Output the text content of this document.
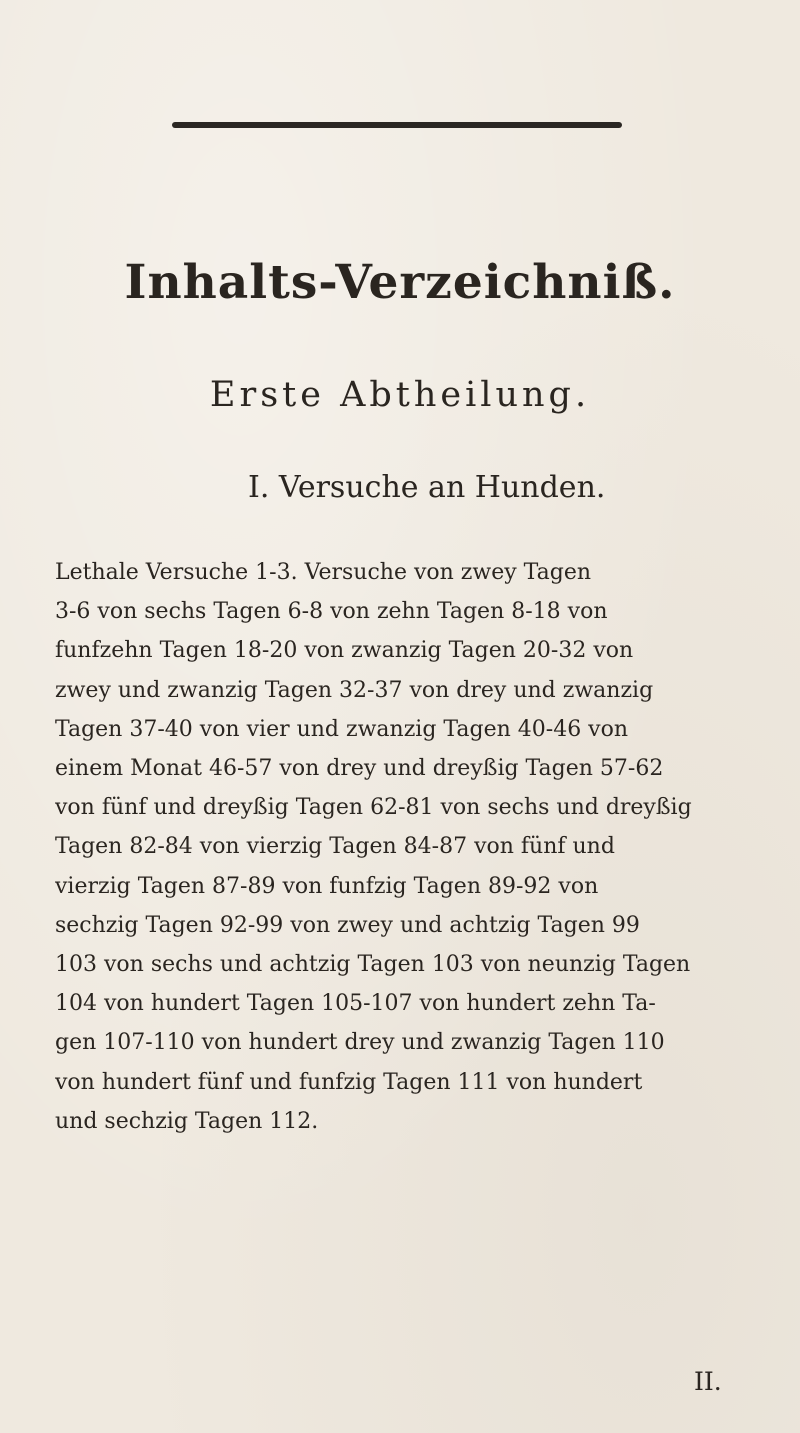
Inhalts-Verzeichniß.
Erste Abtheilung.
I. Versuche an Hunden.
Lethale Versuche 1-3. Versuche von zwey Tagen
3-6 von sechs Tagen 6-8 von zehn Tagen 8-18 von
funfzehn Tagen 18-20 von zwanzig Tagen 20-32 von
zwey und zwanzig Tagen 32-37 von drey und zwanzig
Tagen 37-40 von vier und zwanzig Tagen 40-46 von
einem Monat 46-57 von drey und dreyßig Tagen 57-62
von fünf und dreyßig Tagen 62-81 von sechs und dreyßig
Tagen 82-84 von vierzig Tagen 84-87 von fünf und
vierzig Tagen 87-89 von funfzig Tagen 89-92 von
sechzig Tagen 92-99 von zwey und achtzig Tagen 99
103 von sechs und achtzig Tagen 103 von neunzig Tagen
104 von hundert Tagen 105-107 von hundert zehn Ta-
gen 107-110 von hundert drey und zwanzig Tagen 110
von hundert fünf und funfzig Tagen 111 von hundert
und sechzig Tagen 112.
II.
